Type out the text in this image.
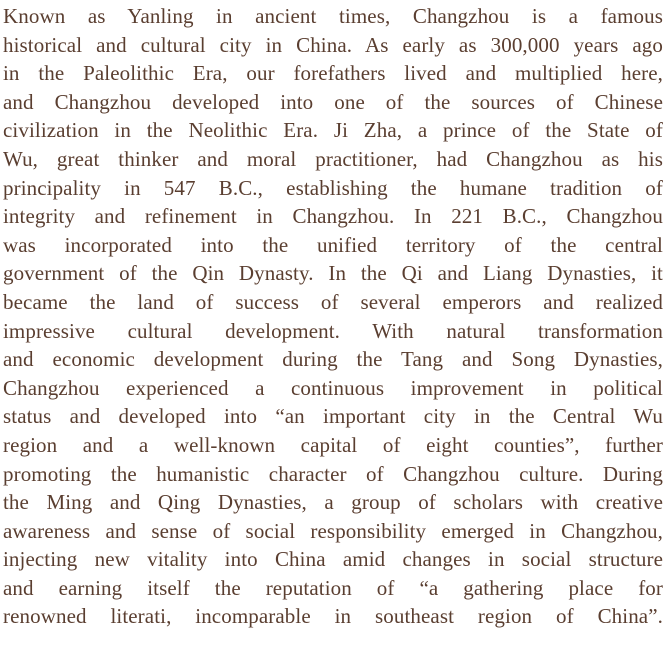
Known as Yanling in ancient times, Changzhou is a famous
historical and cultural city in China. As early as 300,000 years ago
in the Paleolithic Era, our forefathers lived and multiplied here,
and Changzhou developed into one of the sources of Chinese
civilization in the Neolithic Era. Ji Zha, a prince of the State of
Wu, great thinker and moral practitioner, had Changzhou as his
principality in 547 B.C., establishing the humane tradition of
integrity and refinement in Changzhou. In 221 B.C., Changzhou
was incorporated into the unified territory of the central
government of the Qin Dynasty. In the Qi and Liang Dynasties, it
became the land of success of several emperors and realized
impressive cultural development. With natural transformation
and economic development during the Tang and Song Dynasties,
Changzhou experienced a continuous improvement in political
status and developed into “an important city in the Central Wu
region and a well-known capital of eight counties”, further
promoting the humanistic character of Changzhou culture. During
the Ming and Qing Dynasties, a group of scholars with creative
awareness and sense of social responsibility emerged in Changzhou,
injecting new vitality into China amid changes in social structure
and earning itself the reputation of “a gathering place for
renowned literati, incomparable in southeast region of China”.
